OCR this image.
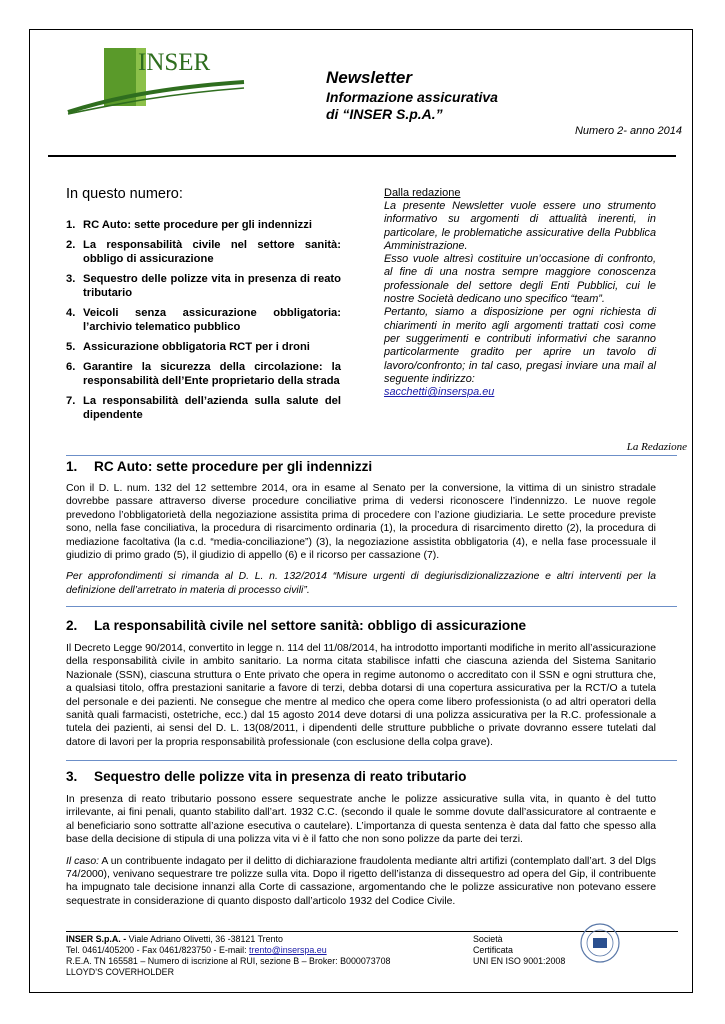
INSER
Newsletter
Informazione assicurativa
di “INSER S.p.A.”
Numero 2- anno 2014
In questo numero:
1. RC Auto: sette procedure per gli indennizzi
2. La responsabilità civile nel settore sanità: obbligo di assicurazione
3. Sequestro delle polizze vita in presenza di reato tributario
4. Veicoli senza assicurazione obbligatoria: l’archivio telematico pubblico
5. Assicurazione obbligatoria RCT per i droni
6. Garantire la sicurezza della circolazione: la responsabilità dell’Ente proprietario della strada
7. La responsabilità dell’azienda sulla salute del dipendente
Dalla redazione

La presente Newsletter vuole essere uno strumento informativo su argomenti di attualità inerenti, in particolare, le problematiche assicurative della Pubblica Amministrazione.

Esso vuole altresì costituire un’occasione di confronto, al fine di una nostra sempre maggiore conoscenza professionale del settore degli Enti Pubblici, cui le nostre Società dedicano uno specifico “team”.

Pertanto, siamo a disposizione per ogni richiesta di chiarimenti in merito agli argomenti trattati così come per suggerimenti e contributi informativi che saranno particolarmente gradito per aprire un tavolo di lavoro/confronto; in tal caso, pregasi inviare una mail al seguente indirizzo:

sacchetti@inserspa.eu

La Redazione
1. RC Auto: sette procedure per gli indennizzi

Con il D. L. num. 132 del 12 settembre 2014, ora in esame al Senato per la conversione, la vittima di un sinistro stradale dovrebbe passare attraverso diverse procedure conciliative prima di vedersi riconoscere l’indennizzo. Le nuove regole prevedono l’obbligatorietà della negoziazione assistita prima di procedere con l’azione giudiziaria. Le sette procedure previste sono, nella fase conciliativa, la procedura di risarcimento ordinaria (1), la procedura di risarcimento diretto (2), la procedura di mediazione facoltativa (la c.d. “media-conciliazione”) (3), la negoziazione assistita obbligatoria (4), e nella fase processuale il giudizio di primo grado (5), il giudizio di appello (6) e il ricorso per cassazione (7).

Per approfondimenti si rimanda al D. L. n. 132/2014 “Misure urgenti di degiurisdizionalizzazione e altri interventi per la definizione dell’arretrato in materia di processo civili”.

2. La responsabilità civile nel settore sanità: obbligo di assicurazione

Il Decreto Legge 90/2014, convertito in legge n. 114 del 11/08/2014, ha introdotto importanti modifiche in merito all’assicurazione della responsabilità civile in ambito sanitario. La norma citata stabilisce infatti che ciascuna azienda del Sistema Sanitario Nazionale (SSN), ciascuna struttura o Ente privato che opera in regime autonomo o accreditato con il SSN e ogni struttura che, a qualsiasi titolo, offra prestazioni sanitarie a favore di terzi, debba dotarsi di una copertura assicurativa per la RCT/O a tutela del personale e dei pazienti. Ne consegue che mentre al medico che opera come libero professionista (o ad altri operatori della sanità quali farmacisti, ostetriche, ecc.) dal 15 agosto 2014 deve dotarsi di una polizza assicurativa per la R.C. professionale a tutela dei pazienti, ai sensi del D. L. 13(08/2011, i dipendenti delle strutture pubbliche o private dovranno essere tutelati dal datore di lavori per la propria responsabilità professionale (con esclusione della colpa grave).

3. Sequestro delle polizze vita in presenza di reato tributario

In presenza di reato tributario possono essere sequestrate anche le polizze assicurative sulla vita, in quanto è del tutto irrilevante, ai fini penali, quanto stabilito dall’art. 1932 C.C. (secondo il quale le somme dovute dall’assicuratore al contraente e al beneficiario sono sottratte all’azione esecutiva o cautelare). L’importanza di questa sentenza è data dal fatto che spesso alla base della decisione di stipula di una polizza vita vi è il fatto che non sono polizze da parte dei terzi.

Il caso: A un contribuente indagato per il delitto di dichiarazione fraudolenta mediante altri artifizi (contemplato dall’art. 3 del Dlgs 74/2000), venivano sequestrare tre polizze sulla vita. Dopo il rigetto dell’istanza di dissequestro ad opera del Gip, il contribuente ha impugnato tale decisione innanzi alla Corte di cassazione, argomentando che le polizze assicurative non potevano essere sequestrate in considerazione di quanto disposto dall’articolo 1932 del Codice Civile.

INSER S.p.A. - Viale Adriano Olivetti, 36 -38121 Trento
Tel. 0461/405200 - Fax 0461/823750 - E-mail: trento@inserspa.eu
R.E.A. TN 165581 – Numero di iscrizione al RUI, sezione B – Broker: B000073708
LLOYD’S COVERHOLDER
Società
Certificata
UNI EN ISO 9001:2008
